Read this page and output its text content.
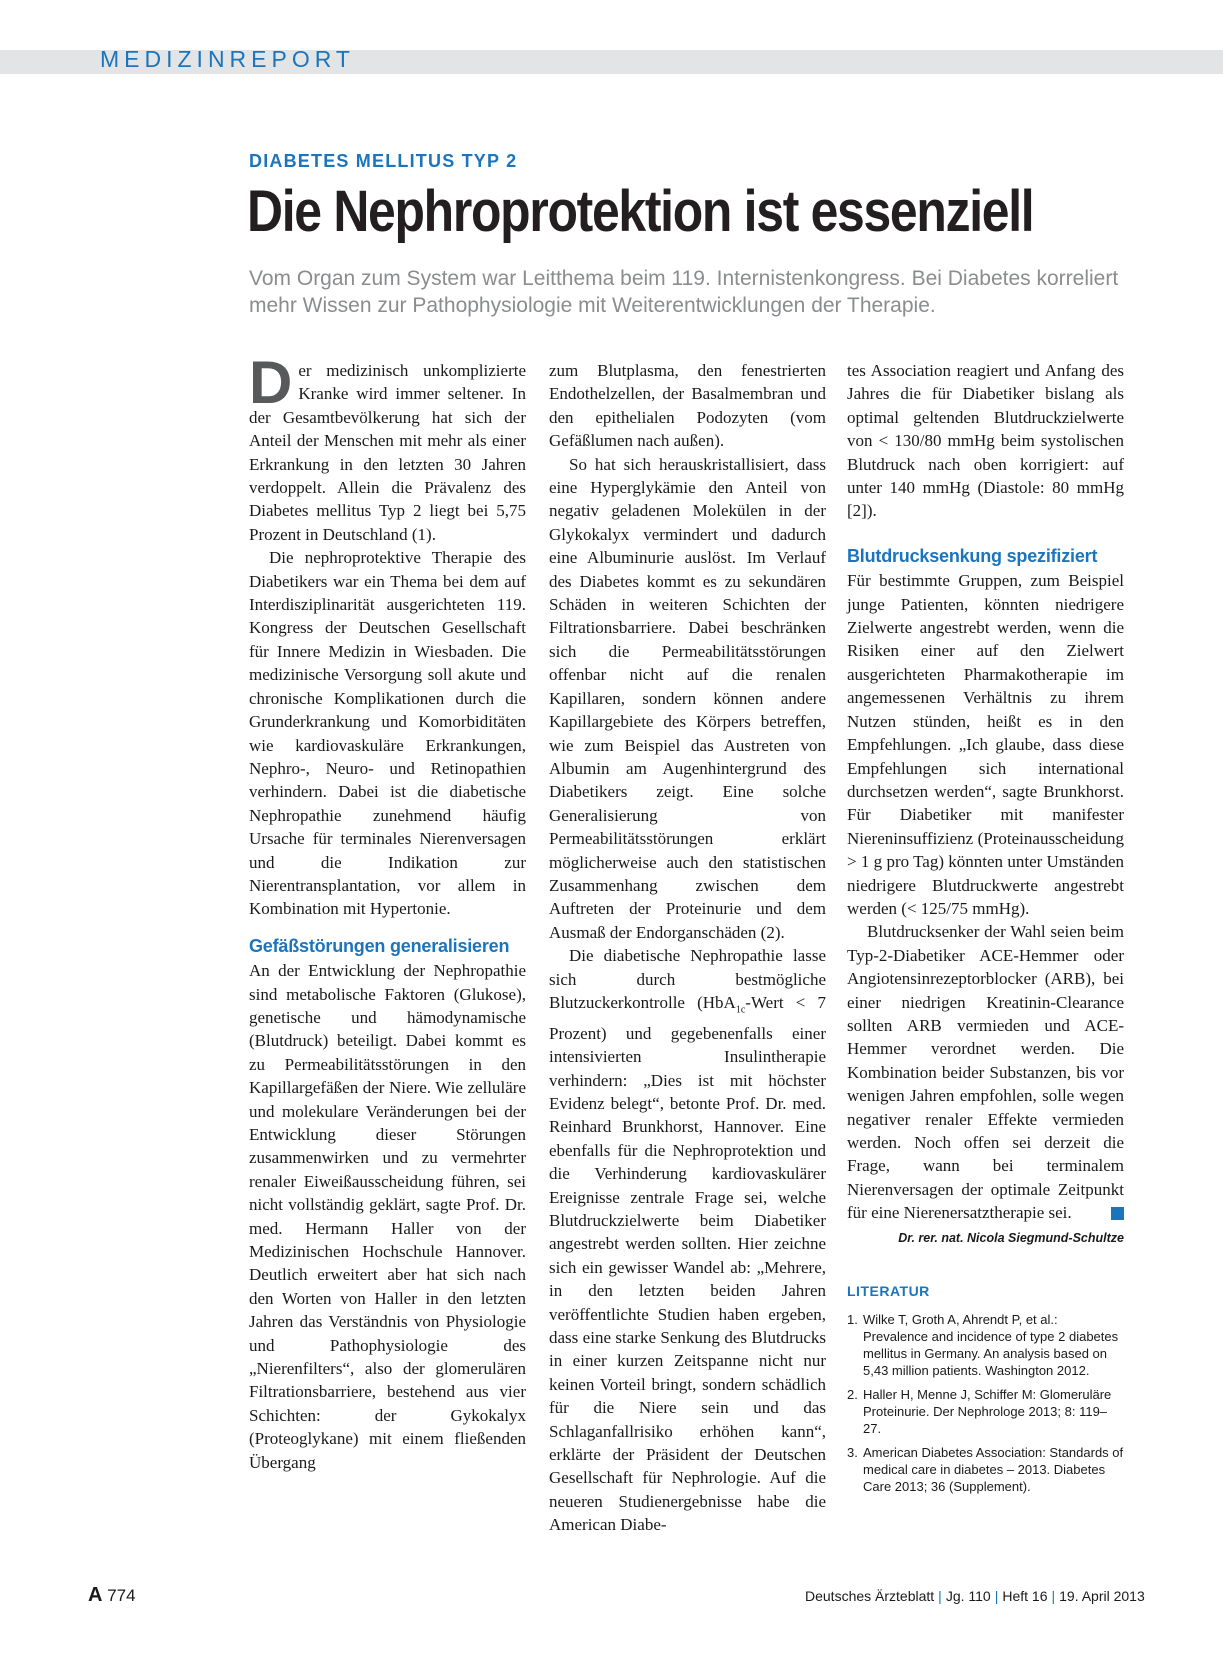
MEDIZINREPORT
DIABETES MELLITUS TYP 2
Die Nephroprotektion ist essenziell
Vom Organ zum System war Leitthema beim 119. Internistenkongress. Bei Diabetes korreliert mehr Wissen zur Pathophysiologie mit Weiterentwicklungen der Therapie.

Der medizinisch unkomplizierte Kranke wird immer seltener. In der Gesamtbevölkerung hat sich der Anteil der Menschen mit mehr als einer Erkrankung in den letzten 30 Jahren verdoppelt. Allein die Prävalenz des Diabetes mellitus Typ 2 liegt bei 5,75 Prozent in Deutschland (1).

Die nephroprotektive Therapie des Diabetikers war ein Thema bei dem auf Interdisziplinarität ausgerichteten 119. Kongress der Deutschen Gesellschaft für Innere Medizin in Wiesbaden. Die medizinische Versorgung soll akute und chronische Komplikationen durch die Grunderkrankung und Komorbiditäten wie kardiovaskuläre Erkrankungen, Nephro-, Neuro- und Retinopathien verhindern. Dabei ist die diabetische Nephropathie zunehmend häufig Ursache für terminales Nierenversagen und die Indikation zur Nierentransplantation, vor allem in Kombination mit Hypertonie.

Gefäßstörungen generalisieren

An der Entwicklung der Nephropathie sind metabolische Faktoren (Glukose), genetische und hämodynamische (Blutdruck) beteiligt. Dabei kommt es zu Permeabilitätsstörungen in den Kapillargefäßen der Niere. Wie zelluläre und molekulare Veränderungen bei der Entwicklung dieser Störungen zusammenwirken und zu vermehrter renaler Eiweißausscheidung führen, sei nicht vollständig geklärt, sagte Prof. Dr. med. Hermann Haller von der Medizinischen Hochschule Hannover. Deutlich erweitert aber hat sich nach den Worten von Haller in den letzten Jahren das Verständnis von Physiologie und Pathophysiologie des „Nierenfilters“, also der glomerulären Filtrationsbarriere, bestehend aus vier Schichten: der Gykokalyx (Proteoglykane) mit einem fließenden Übergang

zum Blutplasma, den fenestrierten Endothelzellen, der Basalmembran und den epithelialen Podozyten (vom Gefäßlumen nach außen).

So hat sich herauskristallisiert, dass eine Hyperglykämie den Anteil von negativ geladenen Molekülen in der Glykokalyx vermindert und dadurch eine Albuminurie auslöst. Im Verlauf des Diabetes kommt es zu sekundären Schäden in weiteren Schichten der Filtrationsbarriere. Dabei beschränken sich die Permeabilitätsstörungen offenbar nicht auf die renalen Kapillaren, sondern können andere Kapillargebiete des Körpers betreffen, wie zum Beispiel das Austreten von Albumin am Augenhintergrund des Diabetikers zeigt. Eine solche Generalisierung von Permeabilitätsstörungen erklärt möglicherweise auch den statistischen Zusammenhang zwischen dem Auftreten der Proteinurie und dem Ausmaß der Endorganschäden (2).

Die diabetische Nephropathie lasse sich durch bestmögliche Blutzuckerkontrolle (HbA$_{1c}$-Wert < 7 Prozent) und gegebenenfalls einer intensivierten Insulintherapie verhindern: „Dies ist mit höchster Evidenz belegt“, betonte Prof. Dr. med. Reinhard Brunkhorst, Hannover. Eine ebenfalls für die Nephroprotektion und die Verhinderung kardiovaskulärer Ereignisse zentrale Frage sei, welche Blutdruckzielwerte beim Diabetiker angestrebt werden sollten. Hier zeichne sich ein gewisser Wandel ab: „Mehrere, in den letzten beiden Jahren veröffentlichte Studien haben ergeben, dass eine starke Senkung des Blutdrucks in einer kurzen Zeitspanne nicht nur keinen Vorteil bringt, sondern schädlich für die Niere sein und das Schlaganfallrisiko erhöhen kann“, erklärte der Präsident der Deutschen Gesellschaft für Nephrologie. Auf die neueren Studienergebnisse habe die American Diabe-

tes Association reagiert und Anfang des Jahres die für Diabetiker bislang als optimal geltenden Blutdruckzielwerte von < 130/80 mmHg beim systolischen Blutdruck nach oben korrigiert: auf unter 140 mmHg (Diastole: 80 mmHg [2]).

Blutdrucksenkung spezifiziert

Für bestimmte Gruppen, zum Beispiel junge Patienten, könnten niedrigere Zielwerte angestrebt werden, wenn die Risiken einer auf den Zielwert ausgerichteten Pharmakotherapie im angemessenen Verhältnis zu ihrem Nutzen stünden, heißt es in den Empfehlungen. „Ich glaube, dass diese Empfehlungen sich international durchsetzen werden“, sagte Brunkhorst. Für Diabetiker mit manifester Niereninsuffizienz (Proteinausscheidung > 1 g pro Tag) könnten unter Umständen niedrigere Blutdruckwerte angestrebt werden (< 125/75 mmHg).

Blutdrucksenker der Wahl seien beim Typ-2-Diabetiker ACE-Hemmer oder Angiotensinrezeptorblocker (ARB), bei einer niedrigen Kreatinin-Clearance sollten ARB vermieden und ACE-Hemmer verordnet werden. Die Kombination beider Substanzen, bis vor wenigen Jahren empfohlen, solle wegen negativer renaler Effekte vermieden werden. Noch offen sei derzeit die Frage, wann bei terminalem Nierenversagen der optimale Zeitpunkt für eine Nierenersatztherapie sei.

Dr. rer. nat. Nicola Siegmund-Schultze
LITERATUR
1. Wilke T, Groth A, Ahrendt P, et al.: Prevalence and incidence of type 2 diabetes mellitus in Germany. An analysis based on 5,43 million patients. Washington 2012.
2. Haller H, Menne J, Schiffer M: Glomeruläre Proteinurie. Der Nephrologe 2013; 8: 119–27.
3. American Diabetes Association: Standards of medical care in diabetes – 2013. Diabetes Care 2013; 36 (Supplement).
A 774	Deutsches Ärzteblatt | Jg. 110 | Heft 16 | 19. April 2013
